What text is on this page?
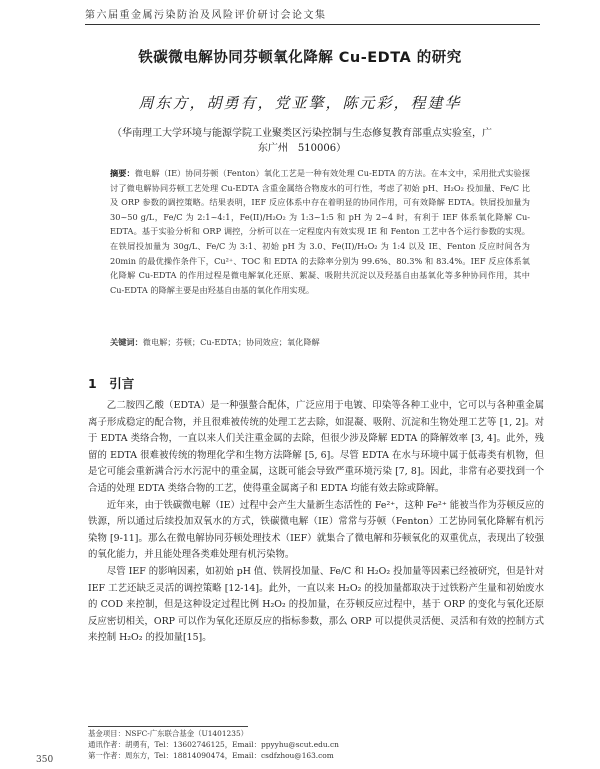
第六届重金属污染防治及风险评价研讨会论文集
铁碳微电解协同芬顿氧化降解 Cu-EDTA 的研究
周东方，胡勇有，党亚擎，陈元彩，程建华
（华南理工大学环境与能源学院工业聚类区污染控制与生态修复教育部重点实验室，广东广州　510006）
摘要：微电解（IE）协同芬顿（Fenton）氧化工艺是一种有效处理 Cu-EDTA 的方法。在本文中，采用批式实验探讨了微电解协同芬顿工艺处理 Cu-EDTA 含重金属络合物废水的可行性，考虑了初始 pH、H₂O₂ 投加量、Fe/C 比及 ORP 参数的调控策略。结果表明，IEF 反应体系中存在着明显的协同作用，可有效降解 EDTA。铁屑投加量为 30~50 g/L，Fe/C 为 2:1~4:1，Fe(II)/H₂O₂ 为 1:3~1:5 和 pH 为 2~4 时，有利于 IEF 体系氧化降解 Cu-EDTA。基于实验分析和 ORP 调控，分析可以在一定程度内有效实现 IE 和 Fenton 工艺中各个运行参数的实现。在铁屑投加量为 30g/L、Fe/C 为 3:1、初始 pH 为 3.0、Fe(II)/H₂O₂ 为 1:4 以及 IE、Fenton 反应时间各为 20min 的最优操作条件下，Cu²⁺、TOC 和 EDTA 的去除率分别为 99.6%、80.3% 和 83.4%。IEF 反应体系氧化降解 Cu-EDTA 的作用过程是微电解氧化还原、絮凝、吸附共沉淀以及羟基自由基氧化等多种协同作用，其中 Cu-EDTA 的降解主要是由羟基自由基的氧化作用实现。
关键词：微电解；芬顿；Cu-EDTA；协同效应；氧化降解
1　引言

乙二胺四乙酸（EDTA）是一种强螯合配体，广泛应用于电镀、印染等各种工业中，它可以与各种重金属离子形成稳定的配合物，并且很难被传统的处理工艺去除，如混凝、吸附、沉淀和生物处理工艺等 [1, 2]。对于 EDTA 类络合物，一直以来人们关注重金属的去除，但很少涉及降解 EDTA 的降解效率 [3, 4]。此外，残留的 EDTA 很难被传统的物理化学和生物方法降解 [5, 6]。尽管 EDTA 在水与环境中属于低毒类有机物，但是它可能会重新满合污水污泥中的重金属，这既可能会导致严重环境污染 [7, 8]。因此，非常有必要找到一个合适的处理 EDTA 类络合物的工艺，使得重金属离子和 EDTA 均能有效去除或降解。

近年来，由于铁碳微电解（IE）过程中会产生大量新生态活性的 Fe²⁺，这种 Fe²⁺ 能被当作为芬顿反应的铁源，所以通过后续投加双氧水的方式，铁碳微电解（IE）常常与芬顿（Fenton）工艺协同氧化降解有机污染物 [9-11]。那么在微电解协同芬顿处理技术（IEF）就集合了微电解和芬顿氧化的双重优点，表现出了较强的氧化能力，并且能处理各类难处理有机污染物。

尽管 IEF 的影响因素，如初始 pH 值、铁屑投加量、Fe/C 和 H₂O₂ 投加量等因素已经被研究，但是针对 IEF 工艺还缺乏灵活的调控策略 [12-14]。此外，一直以来 H₂O₂ 的投加量都取决于过铁粉产生量和初始废水的 COD 来控制，但是这种设定过程比例 H₂O₂ 的投加量，在芬顿反应过程中，基于 ORP 的变化与氧化还原反应密切相关，ORP 可以作为氧化还原反应的指标参数，那么 ORP 可以提供灵活便、灵活和有效的控制方式来控制 H₂O₂ 的投加量[15]。

基金项目：NSFC-广东联合基金（U1401235）
通讯作者：胡勇有，Tel：13602746125，Email：ppyyhu@scut.edu.cn
第一作者：周东方，Tel：18814090474，Email：csdfzhou@163.com
350
